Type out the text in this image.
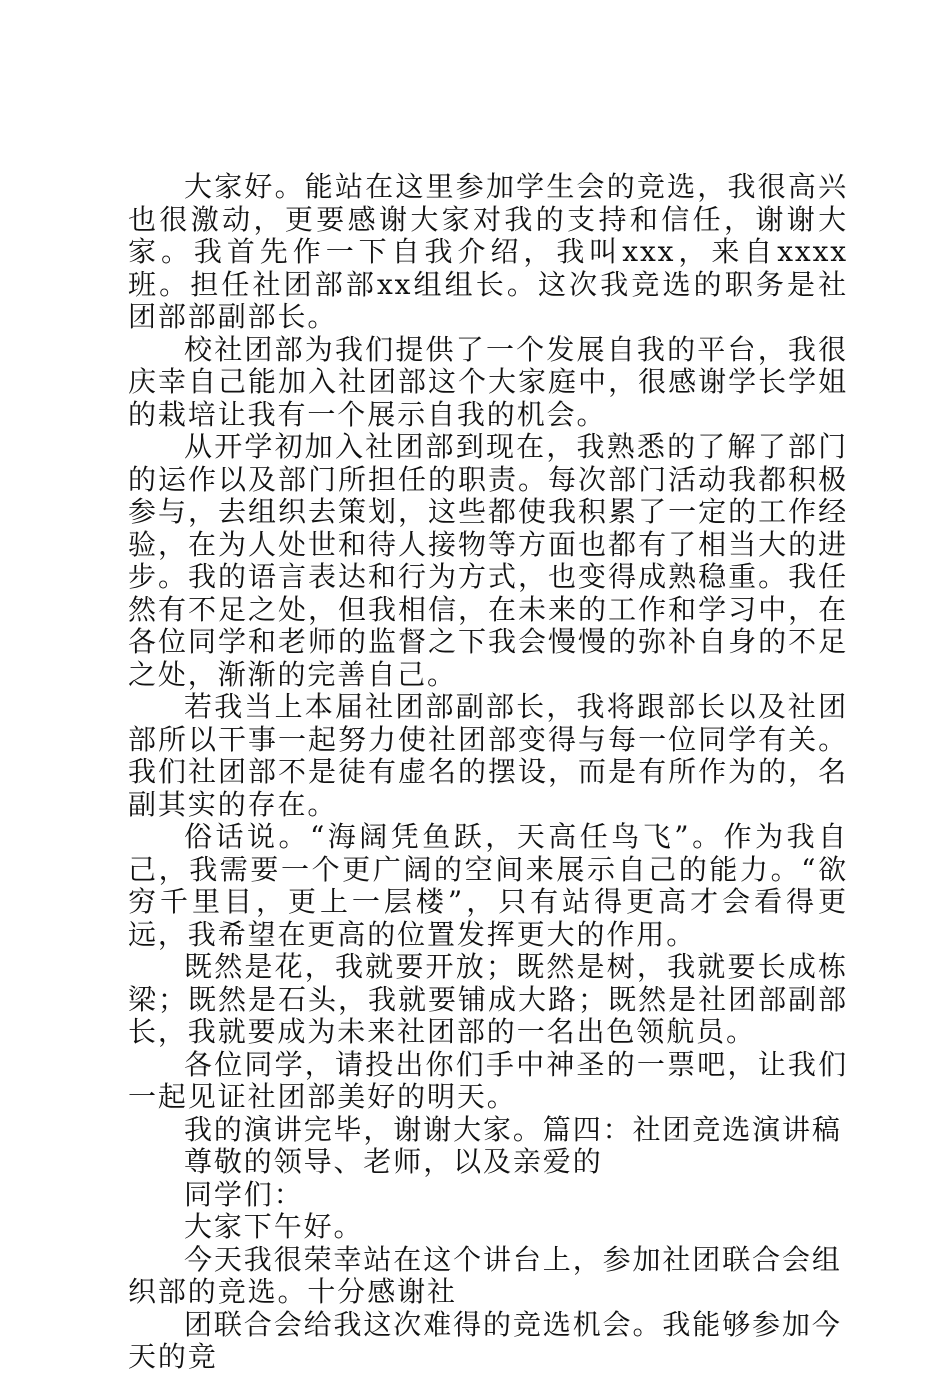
大家好。能站在这里参加学生会的竞选，我很高兴也很激动，更要感谢大家对我的支持和信任，谢谢大家。我首先作一下自我介绍，我叫xxx，来自xxxx班。担任社团部部xx组组长。这次我竞选的职务是社团部部副部长。

校社团部为我们提供了一个发展自我的平台，我很庆幸自己能加入社团部这个大家庭中，很感谢学长学姐的栽培让我有一个展示自我的机会。

从开学初加入社团部到现在，我熟悉的了解了部门的运作以及部门所担任的职责。每次部门活动我都积极参与，去组织去策划，这些都使我积累了一定的工作经验，在为人处世和待人接物等方面也都有了相当大的进步。我的语言表达和行为方式，也变得成熟稳重。我任然有不足之处，但我相信，在未来的工作和学习中，在各位同学和老师的监督之下我会慢慢的弥补自身的不足之处，渐渐的完善自己。

若我当上本届社团部副部长，我将跟部长以及社团部所以干事一起努力使社团部变得与每一位同学有关。我们社团部不是徒有虚名的摆设，而是有所作为的，名副其实的存在。

俗话说。“海阔凭鱼跃，天高任鸟飞”。作为我自己，我需要一个更广阔的空间来展示自己的能力。“欲穷千里目，更上一层楼”，只有站得更高才会看得更远，我希望在更高的位置发挥更大的作用。

既然是花，我就要开放；既然是树，我就要长成栋梁；既然是石头，我就要铺成大路；既然是社团部副部长，我就要成为未来社团部的一名出色领航员。

各位同学，请投出你们手中神圣的一票吧，让我们一起见证社团部美好的明天。

我的演讲完毕，谢谢大家。篇四：社团竞选演讲稿

尊敬的领导、老师，以及亲爱的

同学们：

大家下午好。

今天我很荣幸站在这个讲台上，参加社团联合会组织部的竞选。十分感谢社

团联合会给我这次难得的竞选机会。我能够参加今天的竞
